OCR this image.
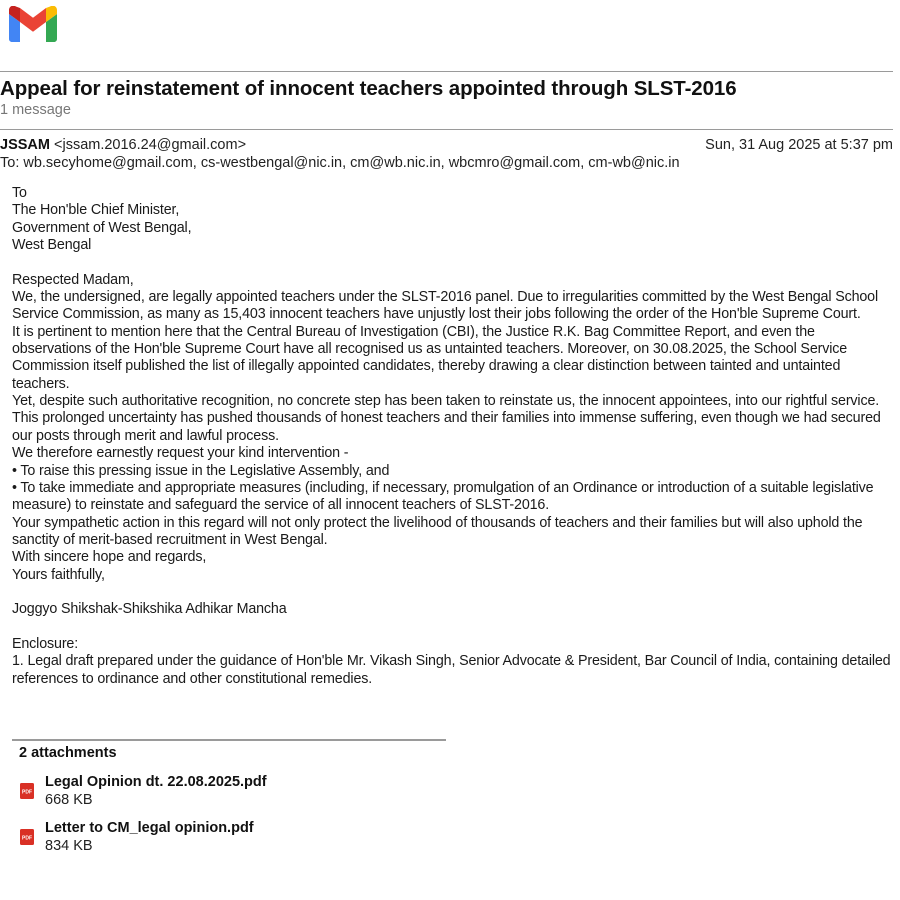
Appeal for reinstatement of innocent teachers appointed through SLST-2016
1 message
JSSAM <jssam.2016.24@gmail.com>	Sun, 31 Aug 2025 at 5:37 pm
To: wb.secyhome@gmail.com, cs-westbengal@nic.in, cm@wb.nic.in, wbcmro@gmail.com, cm-wb@nic.in

To

The Hon'ble Chief Minister,

Government of West Bengal,

West Bengal

Respected Madam,

We, the undersigned, are legally appointed teachers under the SLST-2016 panel. Due to irregularities committed by the West Bengal School Service Commission, as many as 15,403 innocent teachers have unjustly lost their jobs following the order of the Hon'ble Supreme Court.

It is pertinent to mention here that the Central Bureau of Investigation (CBI), the Justice R.K. Bag Committee Report, and even the observations of the Hon'ble Supreme Court have all recognised us as untainted teachers. Moreover, on 30.08.2025, the School Service Commission itself published the list of illegally appointed candidates, thereby drawing a clear distinction between tainted and untainted teachers.

Yet, despite such authoritative recognition, no concrete step has been taken to reinstate us, the innocent appointees, into our rightful service. This prolonged uncertainty has pushed thousands of honest teachers and their families into immense suffering, even though we had secured our posts through merit and lawful process.

We therefore earnestly request your kind intervention -

• To raise this pressing issue in the Legislative Assembly, and

• To take immediate and appropriate measures (including, if necessary, promulgation of an Ordinance or introduction of a suitable legislative measure) to reinstate and safeguard the service of all innocent teachers of SLST-2016.

Your sympathetic action in this regard will not only protect the livelihood of thousands of teachers and their families but will also uphold the sanctity of merit-based recruitment in West Bengal.

With sincere hope and regards,

Yours faithfully,

Joggyo Shikshak-Shikshika Adhikar Mancha

Enclosure:

1. Legal draft prepared under the guidance of Hon'ble Mr. Vikash Singh, Senior Advocate & President, Bar Council of India, containing detailed references to ordinance and other constitutional remedies.

2 attachments
PDF
Legal Opinion dt. 22.08.2025.pdf
668 KB
PDF
Letter to CM_legal opinion.pdf
834 KB
